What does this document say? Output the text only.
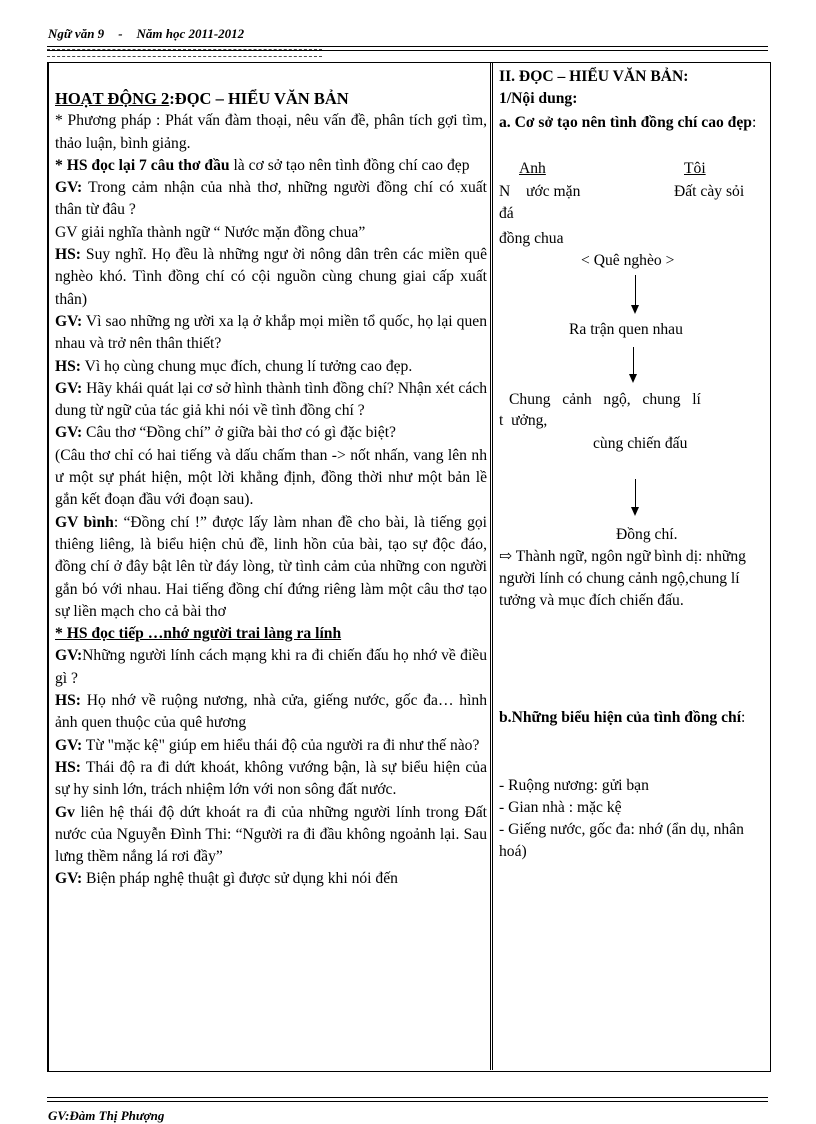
Ngữ văn 9 - Năm học 2011-2012

HOẠT ĐỘNG 2:ĐỌC – HIỂU VĂN BẢN

* Phương pháp : Phát vấn đàm thoại, nêu vấn đề, phân tích gợi tìm, thảo luận, bình giảng.

* HS đọc lại 7 câu thơ đầu là cơ sở tạo nên tình đồng chí cao đẹp

GV: Trong cảm nhận của nhà thơ, những người đồng chí có xuất thân từ đâu ?

GV giải nghĩa thành ngữ “ Nước mặn đồng chua”

HS: Suy nghĩ. Họ đều là những ngư ời nông dân trên các miền quê nghèo khó. Tình đồng chí có cội nguồn cùng chung giai cấp xuất thân)

GV: Vì sao những ng ười xa lạ ở khắp mọi miền tổ quốc, họ lại quen nhau và trở nên thân thiết?

HS: Vì họ cùng chung mục đích, chung lí tưởng cao đẹp.

GV: Hãy khái quát lại cơ sở hình thành tình đồng chí? Nhận xét cách dung từ ngữ của tác giả khi nói về tình đồng chí ?

GV: Câu thơ “Đồng chí” ở giữa bài thơ có gì đặc biệt?

(Câu thơ chỉ có hai tiếng và dấu chấm than -> nốt nhấn, vang lên nh ư một sự phát hiện, một lời khẳng định, đồng thời như một bản lề gắn kết đoạn đầu với đoạn sau).

GV bình: “Đồng chí !” được lấy làm nhan đề cho bài, là tiếng gọi thiêng liêng, là biểu hiện chủ đề, linh hồn của bài, tạo sự độc đáo, đồng chí ở đây bật lên từ đáy lòng, từ tình cảm của những con người gắn bó với nhau. Hai tiếng đồng chí đứng riêng làm một câu thơ tạo sự liền mạch cho cả bài thơ

* HS đọc tiếp …nhớ người trai làng ra lính

GV:Những người lính cách mạng khi ra đi chiến đấu họ nhớ về điều gì ?

HS: Họ nhớ về ruộng nương, nhà cửa, giếng nước, gốc đa… hình ảnh quen thuộc của quê hương

GV: Từ "mặc kệ" giúp em hiểu thái độ của người ra đi như thế nào?

HS: Thái độ ra đi dứt khoát, không vướng bận, là sự biểu hiện của sự hy sinh lớn, trách nhiệm lớn với non sông đất nước.

Gv liên hệ thái độ dứt khoát ra đi của những người lính trong Đất nước của Nguyễn Đình Thi: “Người ra đi đầu không ngoảnh lại. Sau lưng thềm nắng lá rơi đầy”

GV: Biện pháp nghệ thuật gì được sử dụng khi nói đến

II. ĐỌC – HIỂU VĂN BẢN:

1/Nội dung:

a. Cơ sở tạo nên tình đồng chí cao đẹp:

Anh	Tôi
N ước mặn	Đất cày sỏi
đá
đồng chua
< Quê nghèo >
Ra trận quen nhau
Chung   cảnh   ngộ,   chung   lí
t  ưởng,
cùng chiến đấu
Đồng chí.
⇨ Thành ngữ, ngôn ngữ bình dị: những người lính có chung cảnh ngộ,chung lí tưởng và mục đích chiến đấu.
b.Những biểu hiện của tình đồng chí:
- Ruộng nương: gửi bạn
- Gian nhà : mặc kệ
- Giếng nước, gốc đa: nhớ (ẩn dụ, nhân hoá)
GV:Đàm Thị Phượng
